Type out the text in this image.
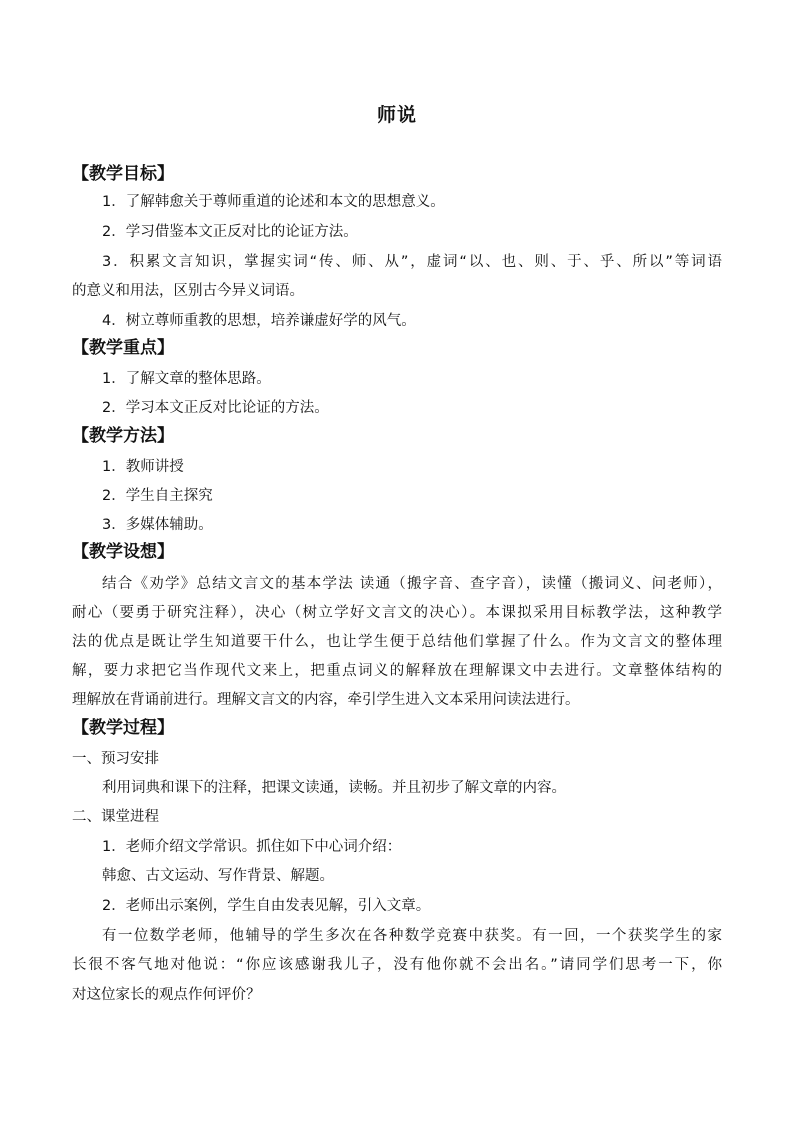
师说
【教学目标】
1．了解韩愈关于尊师重道的论述和本文的思想意义。
2．学习借鉴本文正反对比的论证方法。
3．积累文言知识，掌握实词“传、师、从”，虚词“以、也、则、于、乎、所以”等词语
的意义和用法，区别古今异义词语。
4．树立尊师重教的思想，培养谦虚好学的风气。
【教学重点】
1．了解文章的整体思路。
2．学习本文正反对比论证的方法。
【教学方法】
1．教师讲授
2．学生自主探究
3．多媒体辅助。
【教学设想】
结合《劝学》总结文言文的基本学法 读通（搬字音、查字音），读懂（搬词义、问老师），
耐心（要勇于研究注释），决心（树立学好文言文的决心）。本课拟采用目标教学法，这种教学
法的优点是既让学生知道要干什么，也让学生便于总结他们掌握了什么。作为文言文的整体理
解，要力求把它当作现代文来上，把重点词义的解释放在理解课文中去进行。文章整体结构的
理解放在背诵前进行。理解文言文的内容，牵引学生进入文本采用问读法进行。
【教学过程】
一、预习安排
利用词典和课下的注释，把课文读通，读畅。并且初步了解文章的内容。
二、课堂进程
1．老师介绍文学常识。抓住如下中心词介绍：
韩愈、古文运动、写作背景、解题。
2．老师出示案例，学生自由发表见解，引入文章。
有一位数学老师，他辅导的学生多次在各种数学竞赛中获奖。有一回，一个获奖学生的家
长很不客气地对他说：“你应该感谢我儿子，没有他你就不会出名。”请同学们思考一下，你
对这位家长的观点作何评价？
